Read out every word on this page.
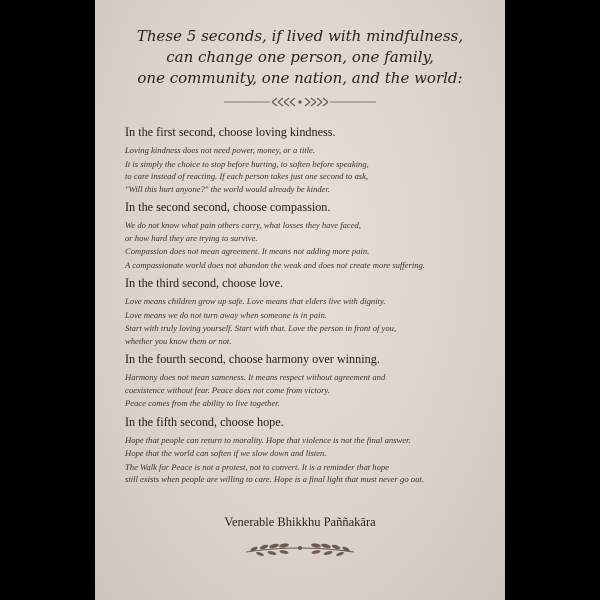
These 5 seconds, if lived with mindfulness,
can change one person, one family,
one community, one nation, and the world:
In the first second, choose loving kindness.
Loving kindness does not need power, money, or a title.
It is simply the choice to stop before hurting, to soften before speaking,
to care instead of reacting. If each person takes just one second to ask,
"Will this hurt anyone?" the world would already be kinder.
In the second second, choose compassion.
We do not know what pain others carry, what losses they have faced,
or how hard they are trying to survive.
Compassion does not mean agreement. It means not adding more pain.
A compassionate world does not abandon the weak and does not create more suffering.
In the third second, choose love.
Love means children grow up safe. Love means that elders live with dignity.
Love means we do not turn away when someone is in pain.
Start with truly loving yourself. Start with that. Love the person in front of you,
whether you know them or not.
In the fourth second, choose harmony over winning.
Harmony does not mean sameness. It means respect without agreement and
coexistence without fear. Peace does not come from victory.
Peace comes from the ability to live together.
In the fifth second, choose hope.
Hope that people can return to morality. Hope that violence is not the final answer.
Hope that the world can soften if we slow down and listen.
The Walk for Peace is not a protest, not to convert. It is a reminder that hope
still exists when people are willing to care. Hope is a final light that must never go out.
Venerable Bhikkhu Paññakāra
